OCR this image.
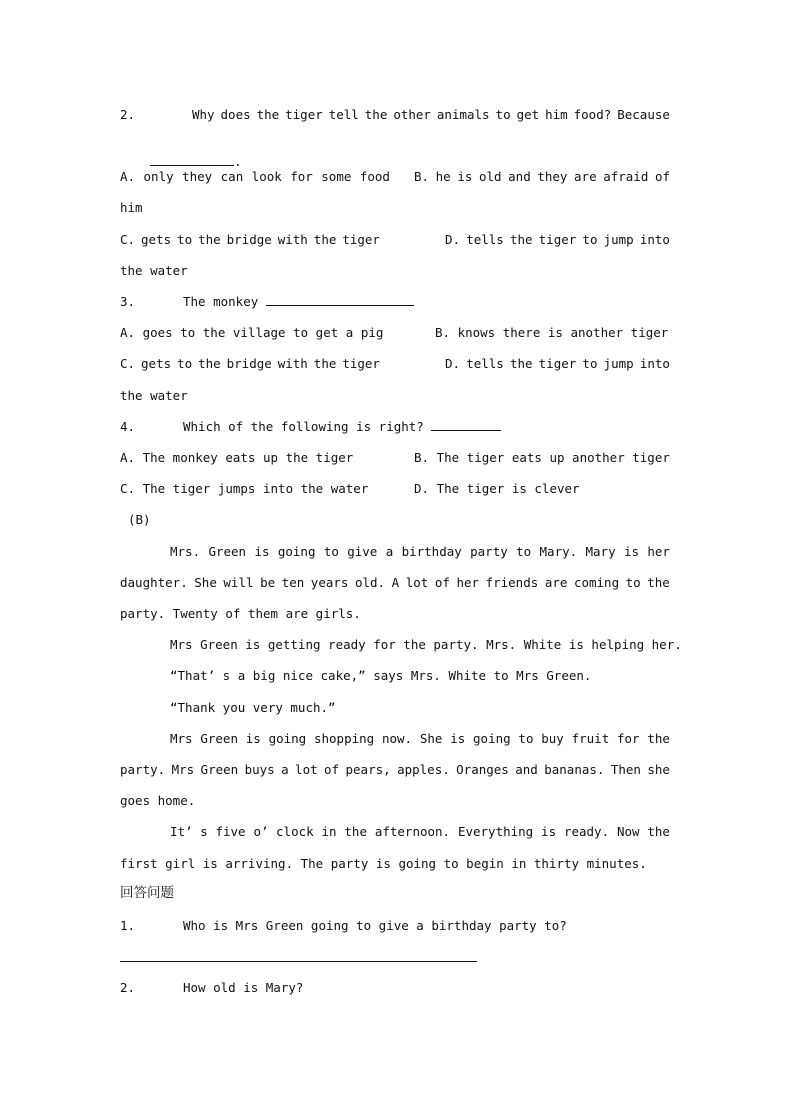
2.	Why does the tiger tell the other animals to get him food? Because

.

A. only they can look for some food B. he is old and they are afraid of
him
C. gets to the bridge with the tiger	D. tells the tiger to jump into
the water
3.	The monkey
A. goes to the village to get a pig	B. knows there is another tiger
C. gets to the bridge with the tiger	D. tells the tiger to jump into
the water
4.	Which of the following is right?
A. The monkey eats up the tiger	B. The tiger eats up another tiger
C. The tiger jumps into the water	D. The tiger is clever
(B)
Mrs. Green is going to give a birthday party to Mary. Mary is her
daughter. She will be ten years old. A lot of her friends are coming to the
party. Twenty of them are girls.
Mrs Green is getting ready for the party. Mrs. White is helping her.
“That’ s a big nice cake,” says Mrs. White to Mrs Green.
“Thank you very much.”
Mrs Green is going shopping now. She is going to buy fruit for the
party. Mrs Green buys a lot of pears, apples. Oranges and bananas. Then she
goes home.
It’ s five o’ clock in the afternoon. Everything is ready. Now the
first girl is arriving. The party is going to begin in thirty minutes.
回答问题
1.	Who is Mrs Green going to give a birthday party to?
2.	How old is Mary?
